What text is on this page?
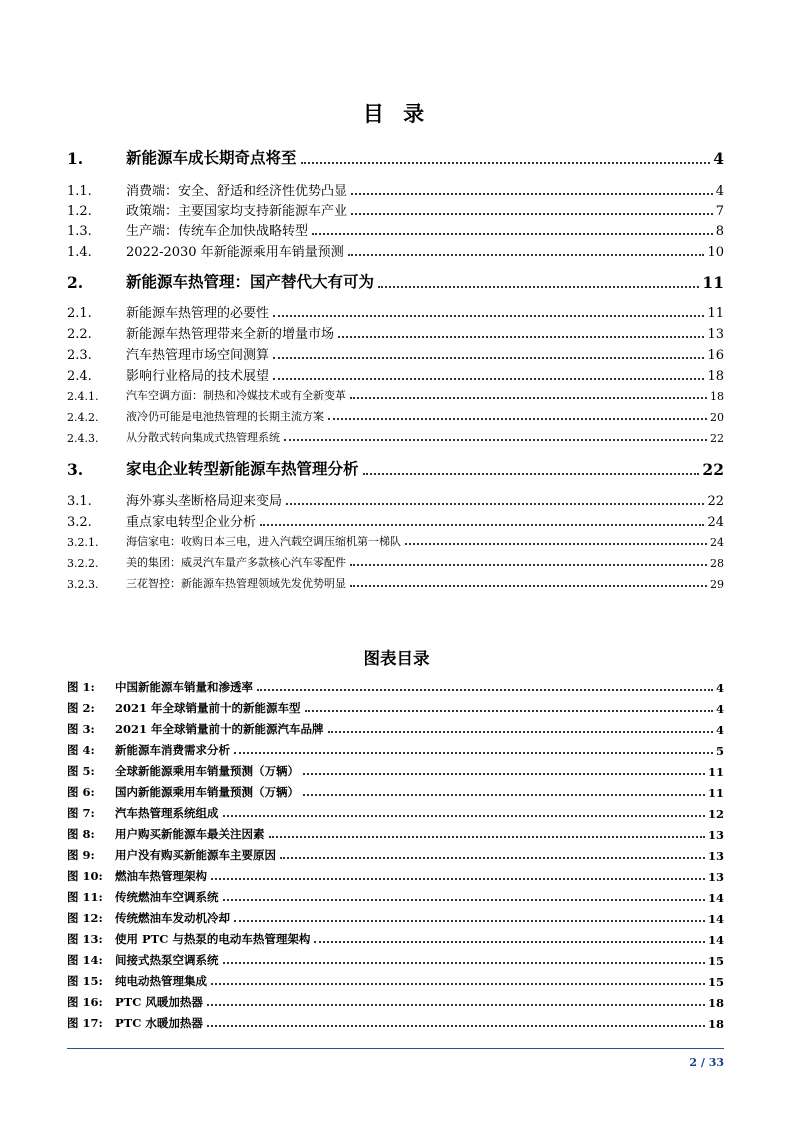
目 录
1.	新能源车成长期奇点将至	4
1.1.	消费端：安全、舒适和经济性优势凸显	4
1.2.	政策端：主要国家均支持新能源车产业	7
1.3.	生产端：传统车企加快战略转型	8
1.4.	2022-2030 年新能源乘用车销量预测	10
2.	新能源车热管理：国产替代大有可为	11
2.1.	新能源车热管理的必要性	11
2.2.	新能源车热管理带来全新的增量市场	13
2.3.	汽车热管理市场空间测算	16
2.4.	影响行业格局的技术展望	18
2.4.1.	汽车空调方面：制热和冷媒技术或有全新变革	18
2.4.2.	液冷仍可能是电池热管理的长期主流方案	20
2.4.3.	从分散式转向集成式热管理系统	22
3.	家电企业转型新能源车热管理分析	22
3.1.	海外寡头垄断格局迎来变局	22
3.2.	重点家电转型企业分析	24
3.2.1.	海信家电：收购日本三电，进入汽载空调压缩机第一梯队	24
3.2.2.	美的集团：威灵汽车量产多款核心汽车零配件	28
3.2.3.	三花智控：新能源车热管理领域先发优势明显	29
图表目录
图 1:	中国新能源车销量和渗透率	4
图 2:	2021 年全球销量前十的新能源车型	4
图 3:	2021 年全球销量前十的新能源汽车品牌	4
图 4:	新能源车消费需求分析	5
图 5:	全球新能源乘用车销量预测（万辆）	11
图 6:	国内新能源乘用车销量预测（万辆）	11
图 7:	汽车热管理系统组成	12
图 8:	用户购买新能源车最关注因素	13
图 9:	用户没有购买新能源车主要原因	13
图 10:	燃油车热管理架构	13
图 11:	传统燃油车空调系统	14
图 12:	传统燃油车发动机冷却	14
图 13:	使用 PTC 与热泵的电动车热管理架构	14
图 14:	间接式热泵空调系统	15
图 15:	纯电动热管理集成	15
图 16:	PTC 风暖加热器	18
图 17:	PTC 水暖加热器	18
2 / 33
